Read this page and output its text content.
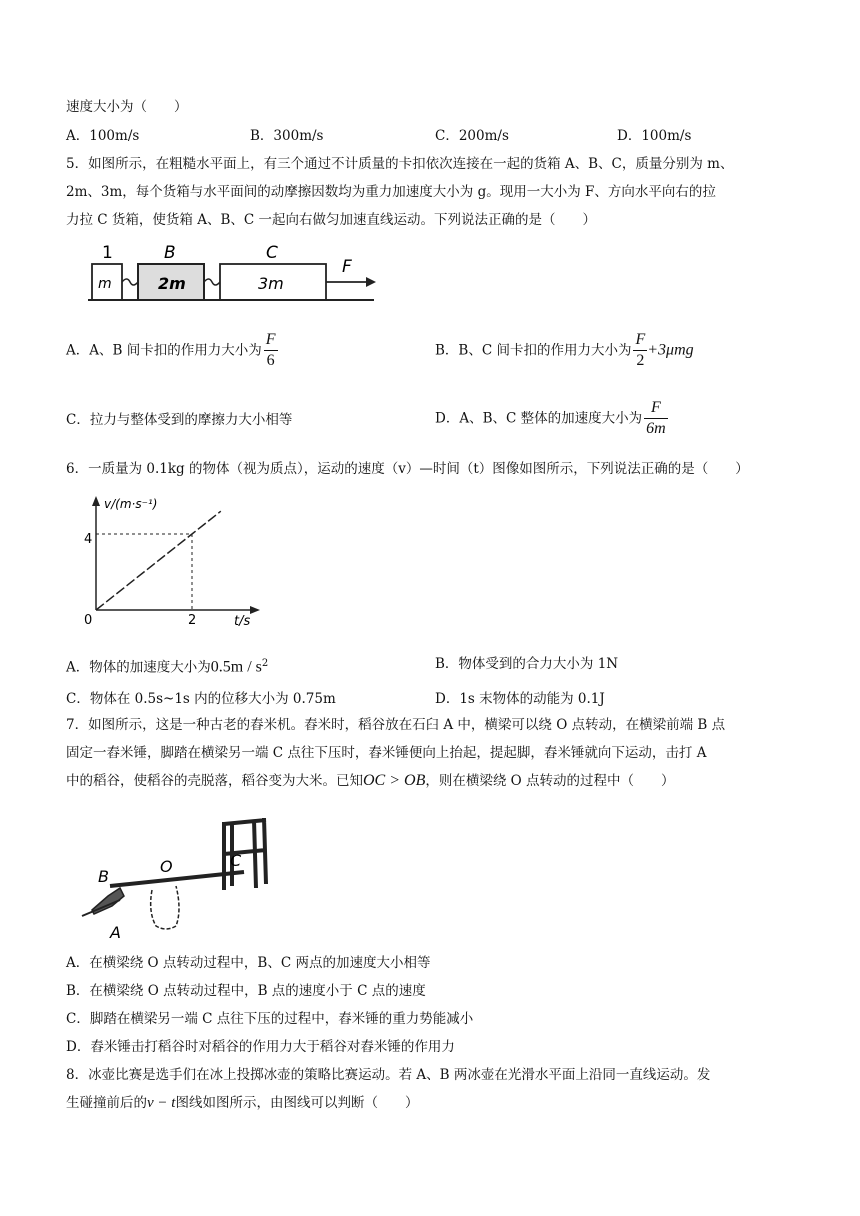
速度大小为（　　）
A．100m/s	B．300m/s	C．200m/s	D．100m/s
5．如图所示，在粗糙水平面上，有三个通过不计质量的卡扣依次连接在一起的货箱 A、B、C，质量分别为 m、
2m、3m，每个货箱与水平面间的动摩擦因数均为重力加速度大小为 g。现用一大小为 F、方向水平向右的拉
力拉 C 货箱，使货箱 A、B、C 一起向右做匀加速直线运动。下列说法正确的是（　　）
1	B	C
F
m	2m	3m
A．A、B 间卡扣的作用力大小为 $\frac{F}{6}$	B．B、C 间卡扣的作用力大小为 $\frac{F}{2} +3\mu mg$
C．拉力与整体受到的摩擦力大小相等	D．A、B、C 整体的加速度大小为 $\frac{F}{6m}$
6．一质量为 0.1kg 的物体（视为质点），运动的速度（v）—时间（t）图像如图所示，下列说法正确的是（　　）
v/(m·s⁻¹)
t/s
0
4
2
A．物体的加速度大小为$0.5m / s^2$	B．物体受到的合力大小为 1N
C．物体在 0.5s~1s 内的位移大小为 0.75m	D．1s 末物体的动能为 0.1J
7．如图所示，这是一种古老的舂米机。舂米时，稻谷放在石臼 A 中，横梁可以绕 O 点转动，在横梁前端 B 点
固定一舂米锤，脚踏在横梁另一端 C 点往下压时，舂米锤便向上抬起，提起脚，舂米锤就向下运动，击打 A
中的稻谷，使稻谷的壳脱落，稻谷变为大米。已知OC > OB，则在横梁绕 O 点转动的过程中（　　）
B
O	C
A
A．在横梁绕 O 点转动过程中，B、C 两点的加速度大小相等
B．在横梁绕 O 点转动过程中，B 点的速度小于 C 点的速度
C．脚踏在横梁另一端 C 点往下压的过程中，舂米锤的重力势能减小
D．舂米锤击打稻谷时对稻谷的作用力大于稻谷对舂米锤的作用力
8．冰壶比赛是选手们在冰上投掷冰壶的策略比赛运动。若 A、B 两冰壶在光滑水平面上沿同一直线运动。发
生碰撞前后的v − t图线如图所示，由图线可以判断（　　）
